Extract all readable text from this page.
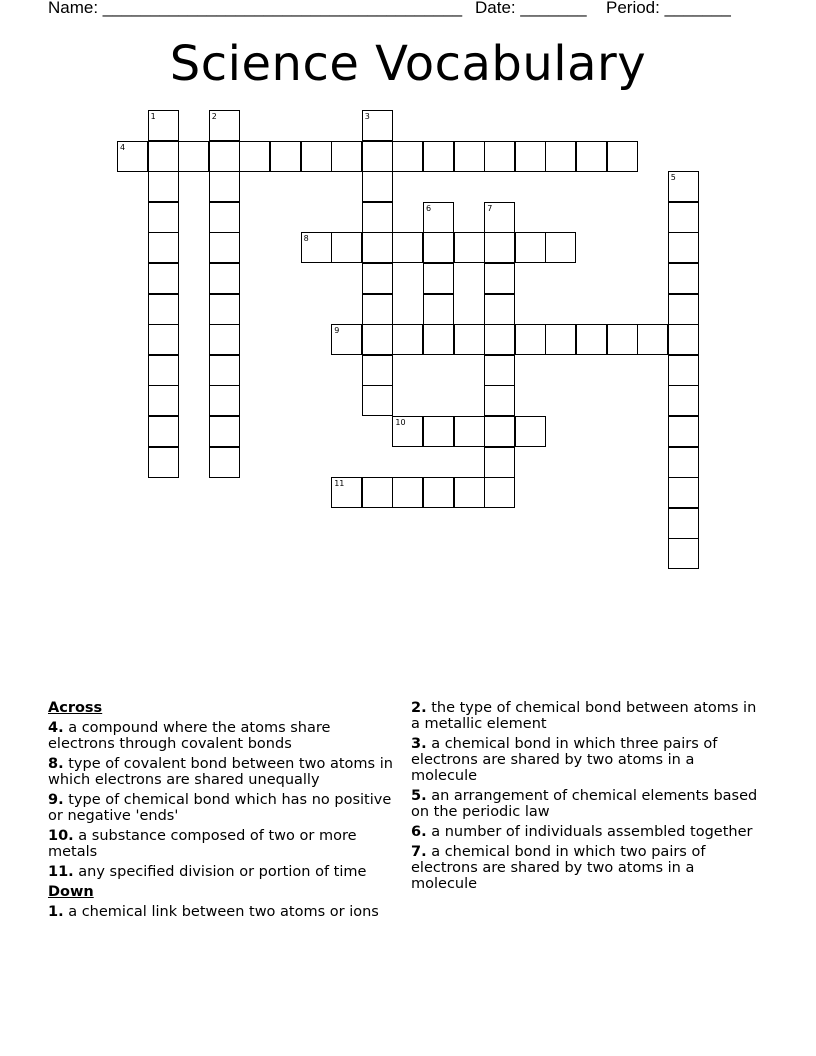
Name: ______________________________________

Date: _______

Period: _______

Science Vocabulary
1	2	3
4
5
6	7
8
9
10
11
Across
4. a compound where the atoms share electrons through covalent bonds
8. type of covalent bond between two atoms in which electrons are shared unequally
9. type of chemical bond which has no positive or negative 'ends'
10. a substance composed of two or more metals
11. any specified division or portion of time
Down
1. a chemical link between two atoms or ions
2. the type of chemical bond between atoms in a metallic element
3. a chemical bond in which three pairs of electrons are shared by two atoms in a molecule
5. an arrangement of chemical elements based on the periodic law
6. a number of individuals assembled together
7. a chemical bond in which two pairs of electrons are shared by two atoms in a molecule
